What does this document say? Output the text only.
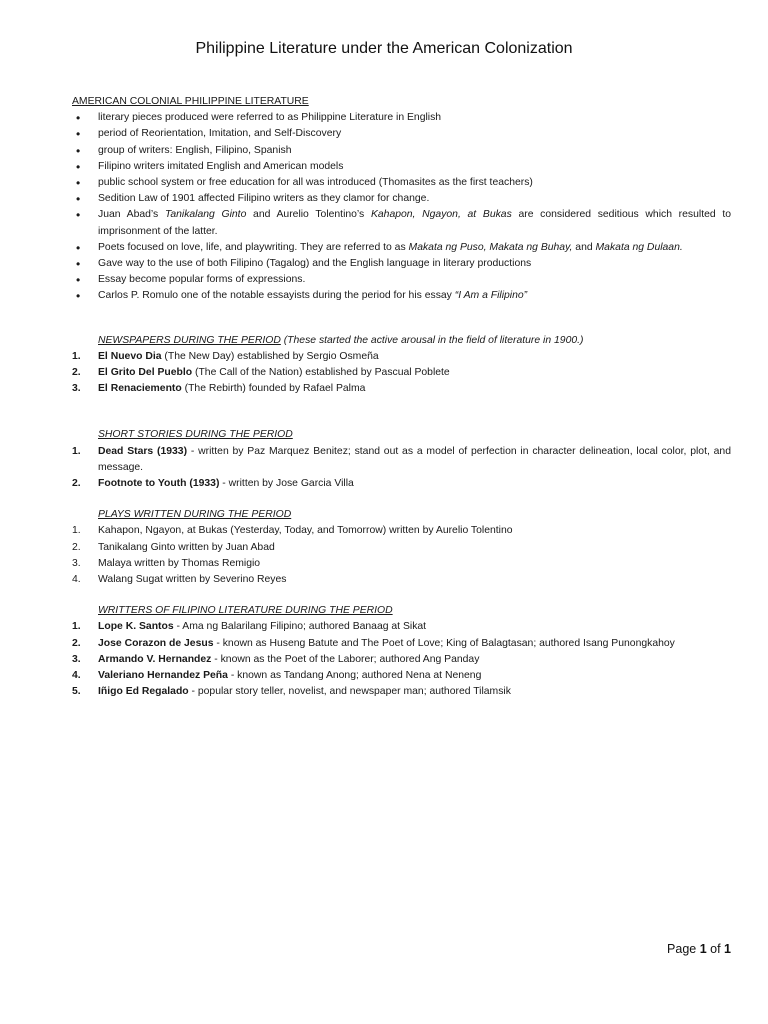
Philippine Literature under the American Colonization

AMERICAN COLONIAL PHILIPPINE LITERATURE

• literary pieces produced were referred to as Philippine Literature in English
• period of Reorientation, Imitation, and Self-Discovery
• group of writers: English, Filipino, Spanish
• Filipino writers imitated English and American models
• public school system or free education for all was introduced (Thomasites as the first teachers)
• Sedition Law of 1901 affected Filipino writers as they clamor for change.
• Juan Abad’s Tanikalang Ginto and Aurelio Tolentino’s Kahapon, Ngayon, at Bukas are considered seditious which resulted to imprisonment of the latter.
• Poets focused on love, life, and playwriting. They are referred to as Makata ng Puso, Makata ng Buhay, and Makata ng Dulaan.
• Gave way to the use of both Filipino (Tagalog) and the English language in literary productions
• Essay become popular forms of expressions.
• Carlos P. Romulo one of the notable essayists during the period for his essay “I Am a Filipino”

NEWSPAPERS DURING THE PERIOD (These started the active arousal in the field of literature in 1900.)

1.	El Nuevo Dia (The New Day) established by Sergio Osmeña
2.	El Grito Del Pueblo (The Call of the Nation) established by Pascual Poblete
3.	El Renaciemento (The Rebirth) founded by Rafael Palma

SHORT STORIES DURING THE PERIOD

1.	Dead Stars (1933) - written by Paz Marquez Benitez; stand out as a model of perfection in character delineation, local color, plot, and message.
2.	Footnote to Youth (1933) - written by Jose Garcia Villa

PLAYS WRITTEN DURING THE PERIOD

1.	Kahapon, Ngayon, at Bukas (Yesterday, Today, and Tomorrow) written by Aurelio Tolentino
2.	Tanikalang Ginto written by Juan Abad
3.	Malaya written by Thomas Remigio
4.	Walang Sugat written by Severino Reyes

WRITTERS OF FILIPINO LITERATURE DURING THE PERIOD

1.	Lope K. Santos - Ama ng Balarilang Filipino; authored Banaag at Sikat
2.	Jose Corazon de Jesus - known as Huseng Batute and The Poet of Love; King of Balagtasan; authored Isang Punongkahoy
3.	Armando V. Hernandez - known as the Poet of the Laborer; authored Ang Panday
4.	Valeriano Hernandez Peña - known as Tandang Anong; authored Nena at Neneng
5.	Iñigo Ed Regalado - popular story teller, novelist, and newspaper man; authored Tilamsik
Page 1 of 1
